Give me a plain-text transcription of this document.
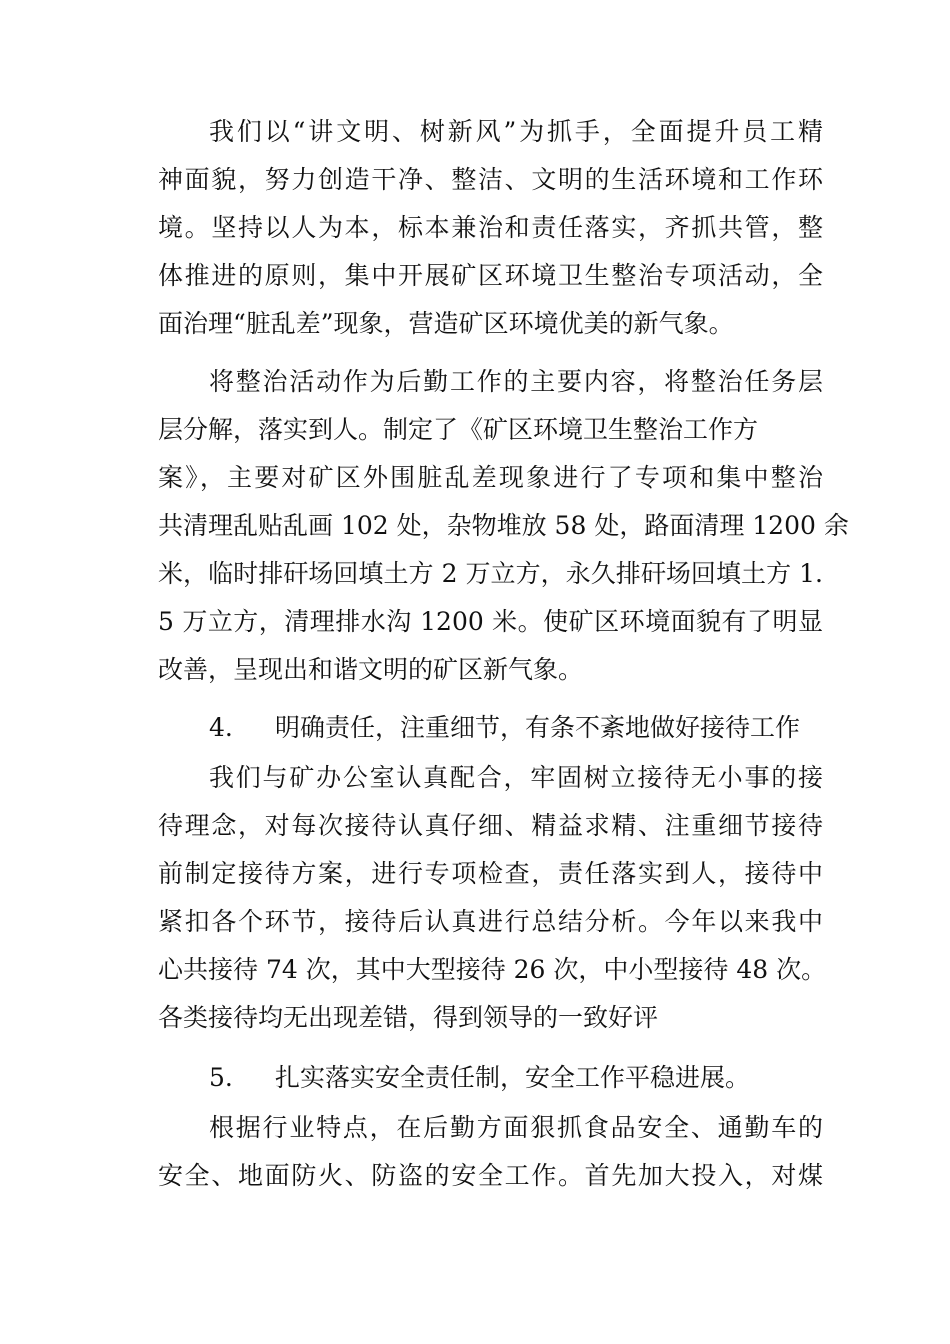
我们以“讲文明、树新风”为抓手，全面提升员工精
神面貌，努力创造干净、整洁、文明的生活环境和工作环
境。坚持以人为本，标本兼治和责任落实，齐抓共管，整
体推进的原则，集中开展矿区环境卫生整治专项活动，全
面治理“脏乱差”现象，营造矿区环境优美的新气象。
将整治活动作为后勤工作的主要内容，将整治任务层
层分解，落实到人。制定了《矿区环境卫生整治工作方
案》，主要对矿区外围脏乱差现象进行了专项和集中整治
共清理乱贴乱画 102 处，杂物堆放 58 处，路面清理 1200 余
米，临时排矸场回填土方 2 万立方，永久排矸场回填土方 1.
5 万立方，清理排水沟 1200 米。使矿区环境面貌有了明显
改善，呈现出和谐文明的矿区新气象。
4. 明确责任，注重细节，有条不紊地做好接待工作
我们与矿办公室认真配合，牢固树立接待无小事的接
待理念，对每次接待认真仔细、精益求精、注重细节接待
前制定接待方案，进行专项检查，责任落实到人，接待中
紧扣各个环节，接待后认真进行总结分析。今年以来我中
心共接待 74 次，其中大型接待 26 次，中小型接待 48 次。
各类接待均无出现差错，得到领导的一致好评
5. 扎实落实安全责任制，安全工作平稳进展。
根据行业特点，在后勤方面狠抓食品安全、通勤车的
安全、地面防火、防盗的安全工作。首先加大投入，对煤
